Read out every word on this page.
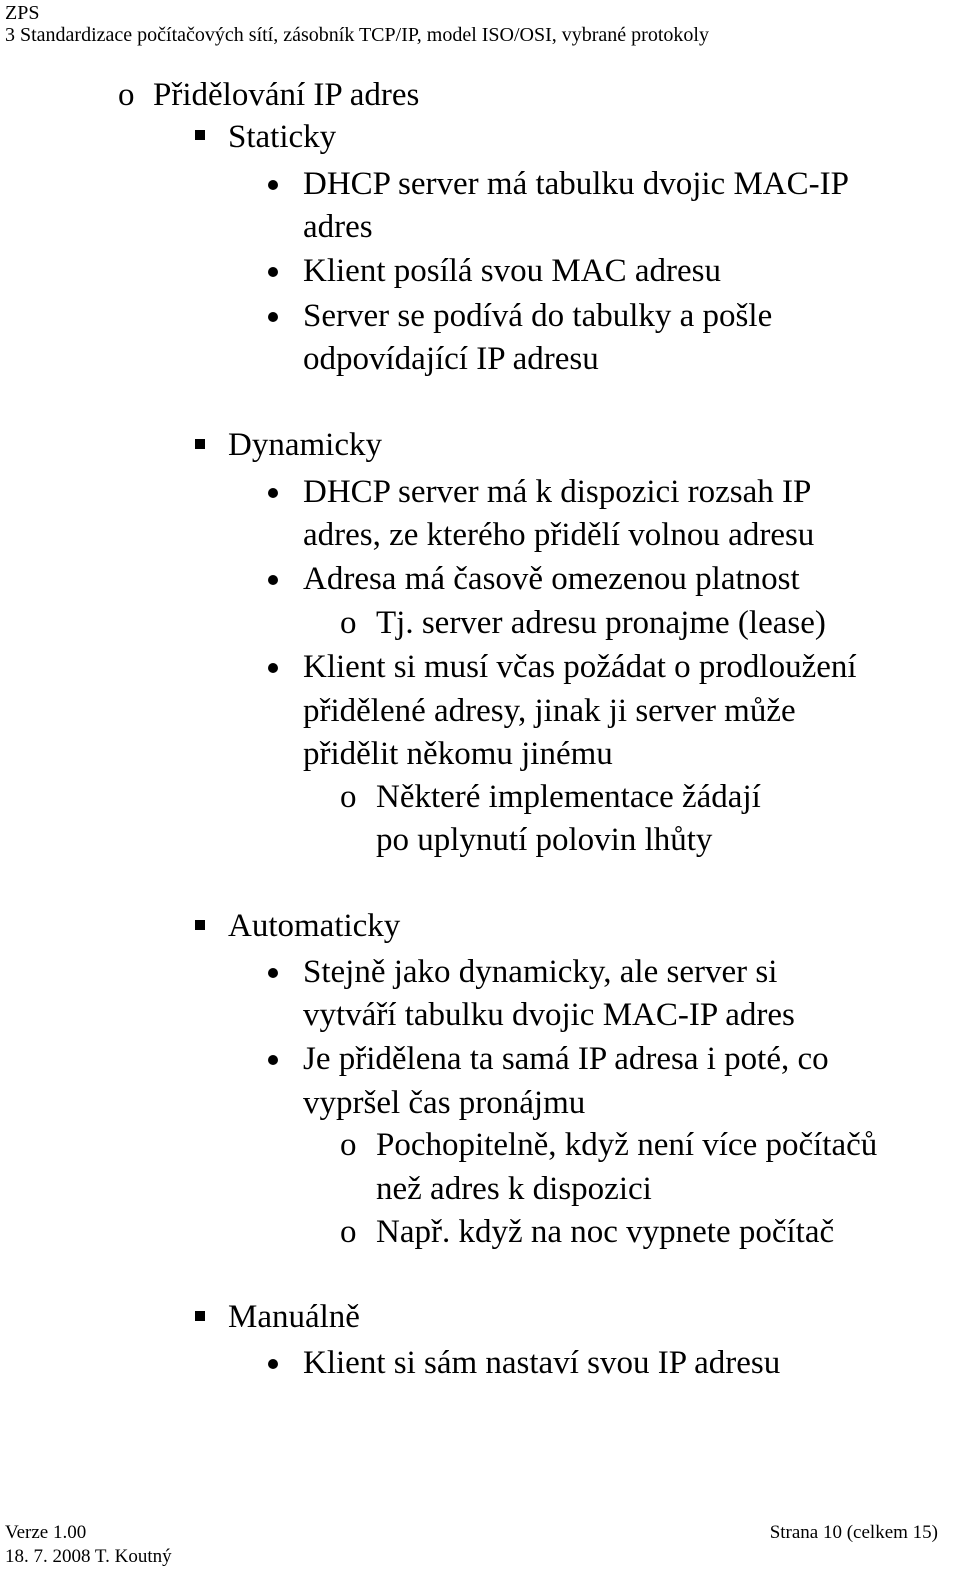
ZPS
3 Standardizace počítačových sítí, zásobník TCP/IP, model ISO/OSI, vybrané protokoly
o Přidělování IP adres
Staticky
DHCP server má tabulku dvojic MAC-IP
adres
Klient posílá svou MAC adresu
Server se podívá do tabulky a pošle
odpovídající IP adresu
Dynamicky
DHCP server má k dispozici rozsah IP
adres, ze kterého přidělí volnou adresu
Adresa má časově omezenou platnost
o Tj. server adresu pronajme (lease)
Klient si musí včas požádat o prodloužení
přidělené adresy, jinak ji server může
přidělit někomu jinému
o Některé implementace žádají
po uplynutí polovin lhůty
Automaticky
Stejně jako dynamicky, ale server si
vytváří tabulku dvojic MAC-IP adres
Je přidělena ta samá IP adresa i poté, co
vypršel čas pronájmu
o Pochopitelně, když není více počítačů
než adres k dispozici
o Např. když na noc vypnete počítač
Manuálně
Klient si sám nastaví svou IP adresu
Verze 1.00
18. 7. 2008 T. Koutný
Strana 10 (celkem 15)
